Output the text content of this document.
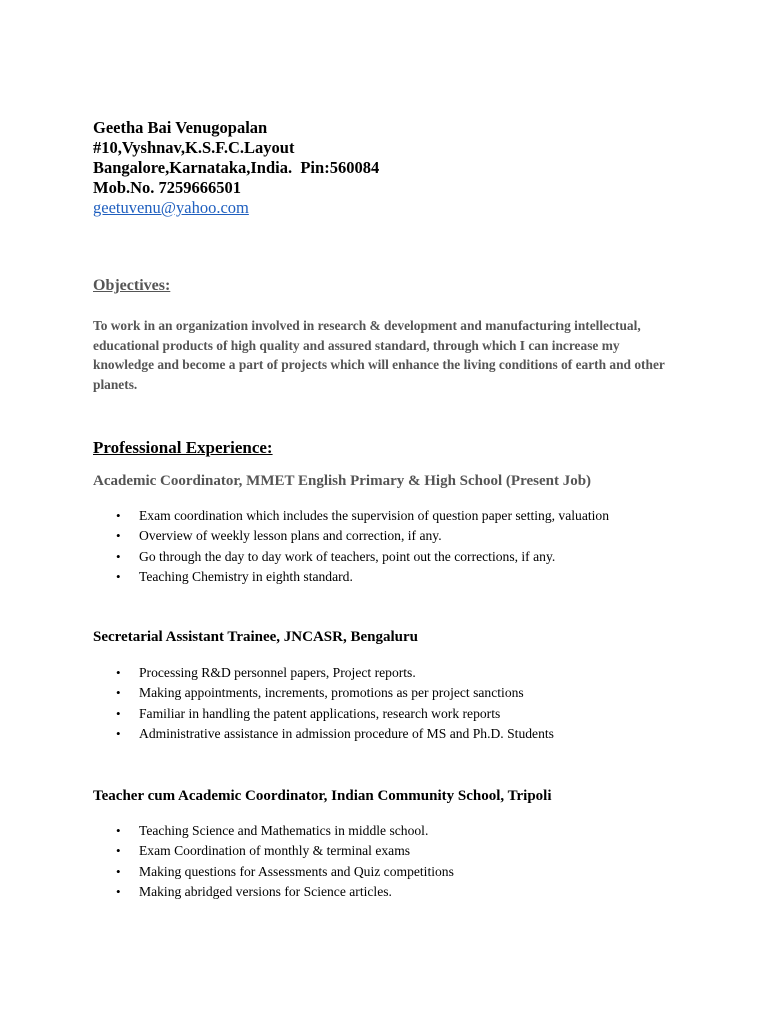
Geetha Bai Venugopalan
#10,Vyshnav,K.S.F.C.Layout
Bangalore,Karnataka,India.  Pin:560084
Mob.No. 7259666501
geetuvenu@yahoo.com
Objectives:
To work in an organization involved in research & development and manufacturing intellectual, educational products of high quality and assured standard, through which I can increase my knowledge and become a part of projects which will enhance the living conditions of earth and other planets.
Professional Experience:
Academic Coordinator, MMET English Primary & High School (Present Job)
• Exam coordination which includes the supervision of question paper setting, valuation
• Overview of weekly lesson plans and correction, if any.
• Go through the day to day work of teachers, point out the corrections, if any.
• Teaching Chemistry in eighth standard.
Secretarial Assistant Trainee, JNCASR, Bengaluru
• Processing R&D personnel papers, Project reports.
• Making appointments, increments, promotions as per project sanctions
• Familiar in handling the patent applications, research work reports
• Administrative assistance in admission procedure of MS and Ph.D. Students
Teacher cum Academic Coordinator, Indian Community School, Tripoli
• Teaching Science and Mathematics in middle school.
• Exam Coordination of monthly & terminal exams
• Making questions for Assessments and Quiz competitions
• Making abridged versions for Science articles.
